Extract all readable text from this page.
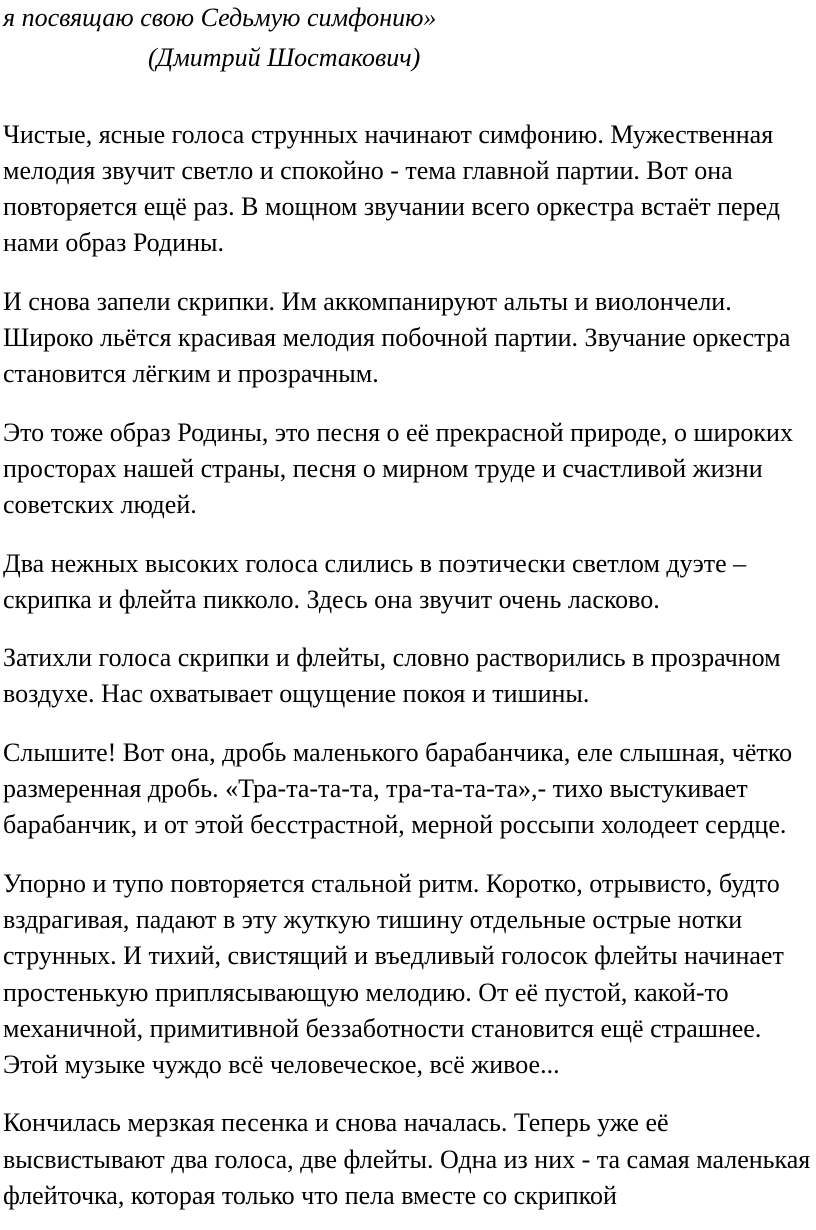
я посвящаю свою Седьмую симфонию»
(Дмитрий Шостакович)

Чистые, ясные голоса струнных начинают симфонию. Мужественная мелодия звучит светло и спокойно - тема главной партии. Вот она повторяется ещё раз. В мощном звучании всего оркестра встаёт перед нами образ Родины.

И снова запели скрипки. Им аккомпанируют альты и виолончели. Широко льётся красивая мелодия побочной партии. Звучание оркестра становится лёгким и прозрачным.

Это тоже образ Родины, это песня о её прекрасной природе, о широких просторах нашей страны, песня о мирном труде и счастливой жизни советских людей.

Два нежных высоких голоса слились в поэтически светлом дуэте – скрипка и флейта пикколо. Здесь она звучит очень ласково.

Затихли голоса скрипки и флейты, словно растворились в прозрачном воздухе. Нас охватывает ощущение покоя и тишины.

Слышите! Вот она, дробь маленького барабанчика, еле слышная, чётко размеренная дробь. «Тра-та-та-та, тра-та-та-та»,- тихо выстукивает барабанчик, и от этой бесстрастной, мерной россыпи холодеет сердце.

Упорно и тупо повторяется стальной ритм. Коротко, отрывисто, будто вздрагивая, падают в эту жуткую тишину отдельные острые нотки струнных. И тихий, свистящий и въедливый голосок флейты начинает простенькую приплясывающую мелодию. От её пустой, какой-то механичной, примитивной беззаботности становится ещё страшнее. Этой музыке чуждо всё человеческое, всё живое...

Кончилась мерзкая песенка и снова началась. Теперь уже её высвистывают два голоса, две флейты. Одна из них - та самая маленькая флейточка, которая только что пела вместе со скрипкой
